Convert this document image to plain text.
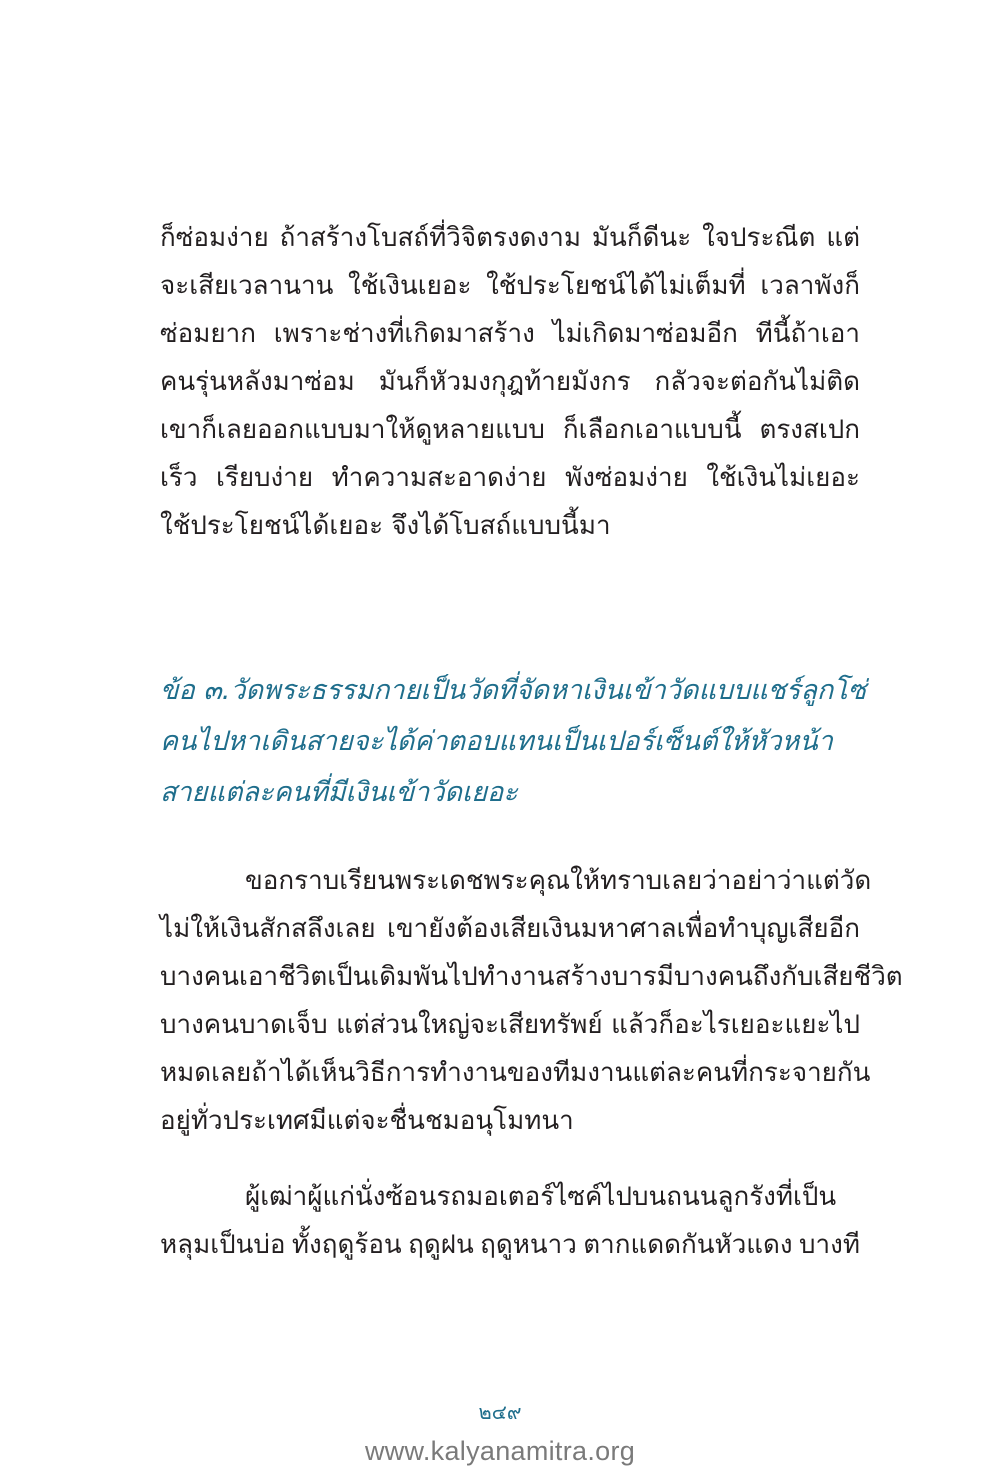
ก็ซ่อมง่าย ถ้าสร้างโบสถ์ที่วิจิตรงดงาม มันก็ดีนะ ใจประณีต แต่
จะเสียเวลานาน ใช้เงินเยอะ ใช้ประโยชน์ได้ไม่เต็มที่ เวลาพังก็
ซ่อมยาก เพราะช่างที่เกิดมาสร้าง ไม่เกิดมาซ่อมอีก ทีนี้ถ้าเอา
คนรุ่นหลังมาซ่อม มันก็หัวมงกุฎท้ายมังกร กลัวจะต่อกันไม่ติด
เขาก็เลยออกแบบมาให้ดูหลายแบบ ก็เลือกเอาแบบนี้ ตรงสเปก
เร็ว เรียบง่าย ทำความสะอาดง่าย พังซ่อมง่าย ใช้เงินไม่เยอะ
ใช้ประโยชน์ได้เยอะ จึงได้โบสถ์แบบนี้มา
ข้อ ๓. วัดพระธรรมกายเป็นวัดที่จัดหาเงินเข้าวัดแบบแชร์ลูกโซ่
คนไปหาเดินสายจะได้ค่าตอบแทนเป็นเปอร์เซ็นต์ให้หัวหน้า
สายแต่ละคนที่มีเงินเข้าวัดเยอะ
ขอกราบเรียนพระเดชพระคุณให้ทราบเลยว่า อย่าว่าแต่วัด
ไม่ให้เงินสักสลึงเลย เขายังต้องเสียเงินมหาศาลเพื่อทำบุญเสียอีก
บางคนเอาชีวิตเป็นเดิมพันไปทำงานสร้างบารมี บางคนถึงกับเสียชีวิต
บางคนบาดเจ็บ แต่ส่วนใหญ่จะเสียทรัพย์ แล้วก็อะไรเยอะแยะไป
หมดเลย ถ้าได้เห็นวิธีการทำงานของทีมงานแต่ละคนที่กระจายกัน
อยู่ทั่วประเทศมีแต่จะชื่นชมอนุโมทนา
ผู้เฒ่าผู้แก่นั่งซ้อนรถมอเตอร์ไซค์ไปบนถนนลูกรังที่เป็น
หลุมเป็นบ่อ ทั้งฤดูร้อน ฤดูฝน ฤดูหนาว ตากแดดกันหัวแดง บางที
๒๔๙
www.kalyanamitra.org
